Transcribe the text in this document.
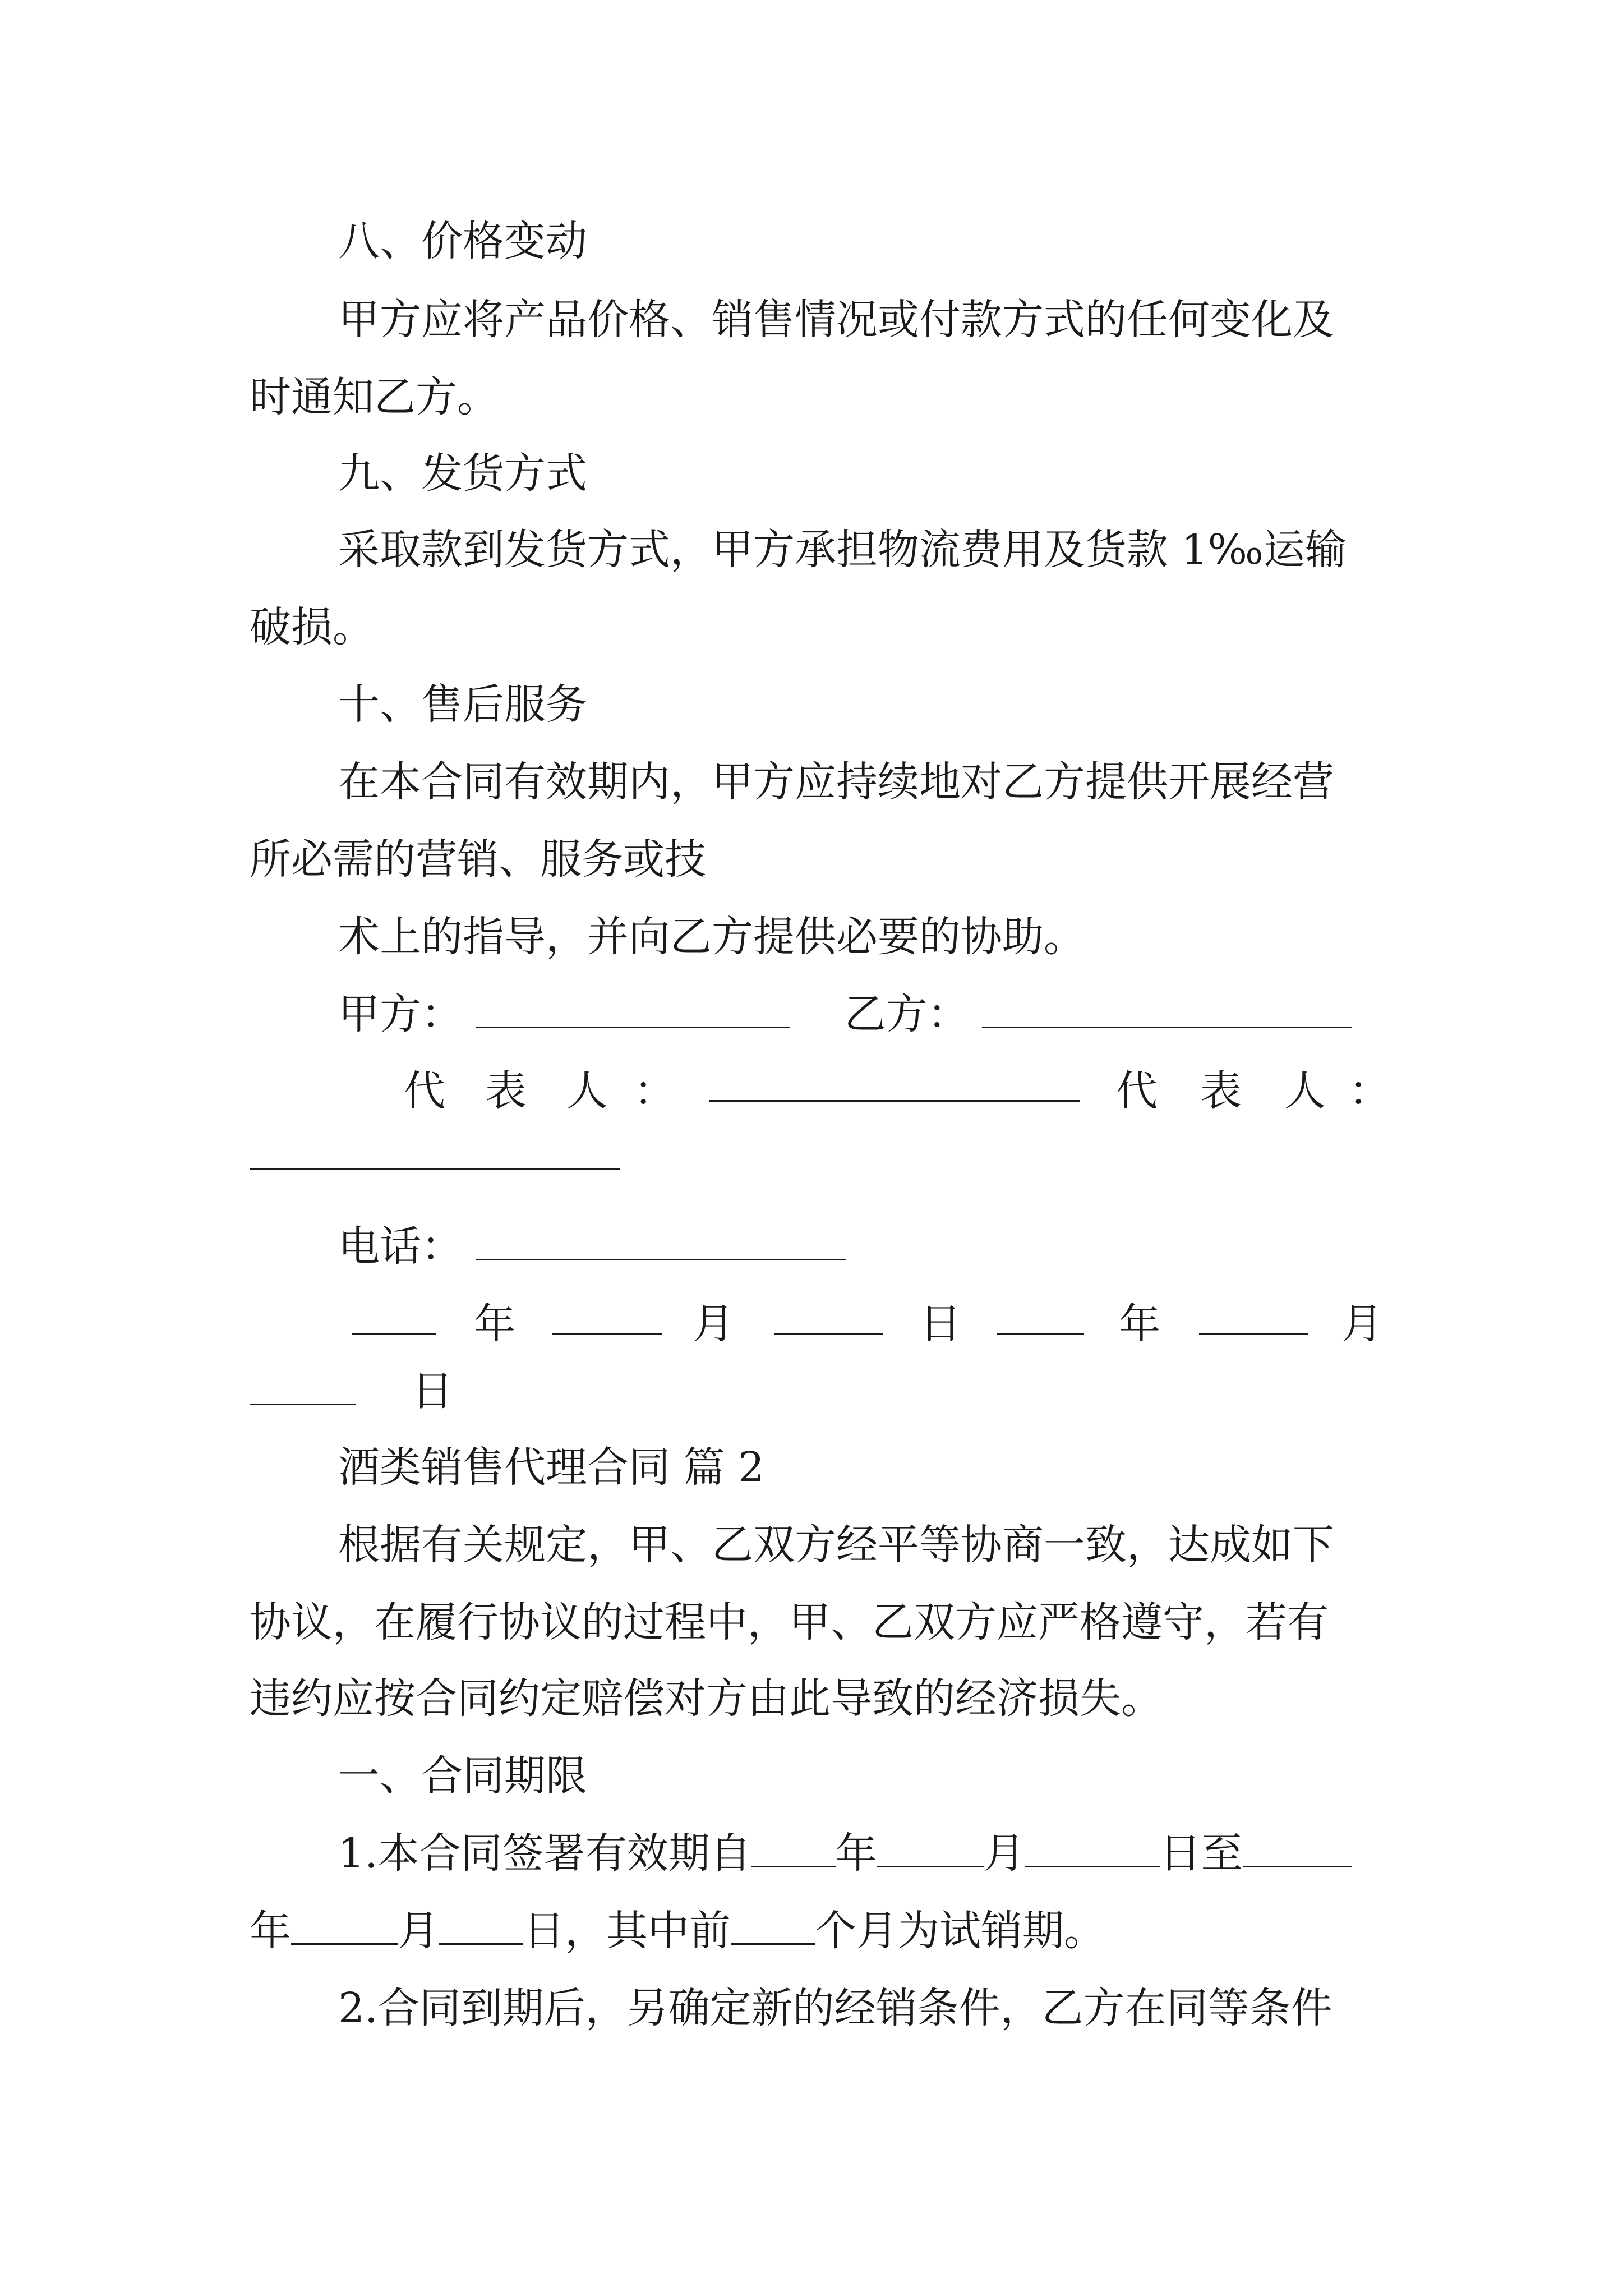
八、价格变动
甲方应将产品价格、销售情况或付款方式的任何变化及
时通知乙方。
九、发货方式
采取款到发货方式，甲方承担物流费用及货款 1‰运输
破损。
十、售后服务
在本合同有效期内，甲方应持续地对乙方提供开展经营
所必需的营销、服务或技
术上的指导，并向乙方提供必要的协助。
甲方：	乙方：
代 表 人 ：	代 表 人 ：
电话：
年	月	日	年	月
日
酒类销售代理合同 篇 2
根据有关规定，甲、乙双方经平等协商一致，达成如下
协议，在履行协议的过程中，甲、乙双方应严格遵守，若有
违约应按合同约定赔偿对方由此导致的经济损失。
一、合同期限
1.本合同签署有效期自 年	月	日至
年	月 日，其中前 个月为试销期。
2.合同到期后，另确定新的经销条件，乙方在同等条件
